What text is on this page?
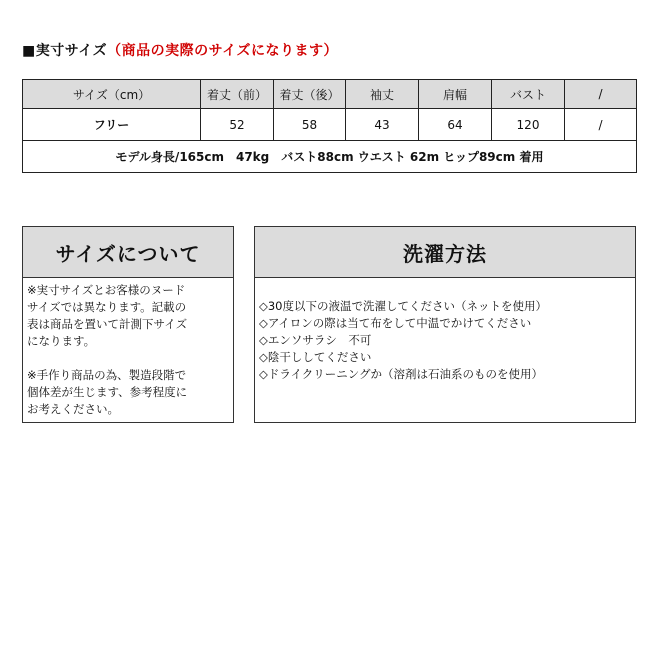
■実寸サイズ（商品の実際のサイズになります）
サイズ（cm）	着丈（前）	着丈（後）	袖丈	肩幅	バスト	/
フリー	52	58	43	64	120	/
モデル身長/165cm　47kg　バスト88cm ウエスト 62m ヒップ89cm 着用						
サイズについて

※実寸サイズとお客様のヌード

サイズでは異なります。記載の

表は商品を置いて計測下サイズ

になります。

※手作り商品の為、製造段階で

個体差が生じます、参考程度に

お考えください。

洗濯方法

◇30度以下の液温で洗濯してください（ネットを使用）

◇アイロンの際は当て布をして中温でかけてください

◇エンソサラシ　不可

◇陰干ししてください

◇ドライクリーニングか（溶剤は石油系のものを使用）
